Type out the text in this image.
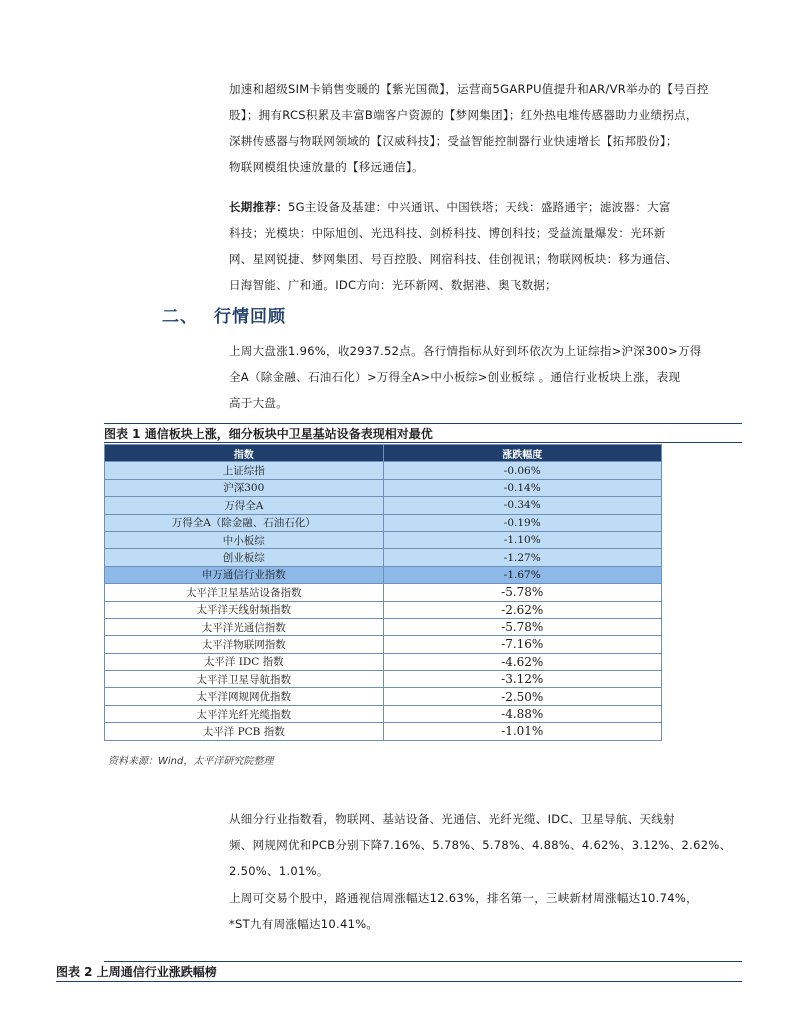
加速和超级SIM卡销售变暖的【紫光国微】，运营商5GARPU值提升和AR/VR举办的【号百控

股】；拥有RCS积累及丰富B端客户资源的【梦网集团】；红外热电堆传感器助力业绩拐点，

深耕传感器与物联网领域的【汉威科技】；受益智能控制器行业快速增长【拓邦股份】；

物联网模组快速放量的【移远通信】。

长期推荐：5G主设备及基建：中兴通讯、中国铁塔；天线：盛路通宇；滤波器：大富

科技；光模块：中际旭创、光迅科技、剑桥科技、博创科技；受益流量爆发：光环新

网、星网锐捷、梦网集团、号百控股、网宿科技、佳创视讯；物联网板块：移为通信、

日海智能、广和通。IDC方向：光环新网、数据港、奥飞数据；

二、 行情回顾

上周大盘涨1.96%，收2937.52点。各行情指标从好到坏依次为上证综指>沪深300>万得

全A（除金融、石油石化）>万得全A>中小板综>创业板综 。通信行业板块上涨，表现

高于大盘。

图表 1 通信板块上涨，细分板块中卫星基站设备表现相对最优
指数	涨跌幅度
上证综指	-0.06%
沪深300	-0.14%
万得全A	-0.34%
万得全A（除金融、石油石化）	-0.19%
中小板综	-1.10%
创业板综	-1.27%
申万通信行业指数	-1.67%
太平洋卫星基站设备指数	-5.78%
太平洋天线射频指数	-2.62%
太平洋光通信指数	-5.78%
太平洋物联网指数	-7.16%
太平洋 IDC 指数	-4.62%
太平洋卫星导航指数	-3.12%
太平洋网规网优指数	-2.50%
太平洋光纤光缆指数	-4.88%
太平洋 PCB 指数	-1.01%
资料来源：Wind，太平洋研究院整理

从细分行业指数看，物联网、基站设备、光通信、光纤光缆、IDC、卫星导航、天线射

频、网规网优和PCB分别下降7.16%、5.78%、5.78%、4.88%、4.62%、3.12%、2.62%、

2.50%、1.01%。

上周可交易个股中，路通视信周涨幅达12.63%，排名第一，三峡新材周涨幅达10.74%，

*ST九有周涨幅达10.41%。

图表 2 上周通信行业涨跌幅榜
